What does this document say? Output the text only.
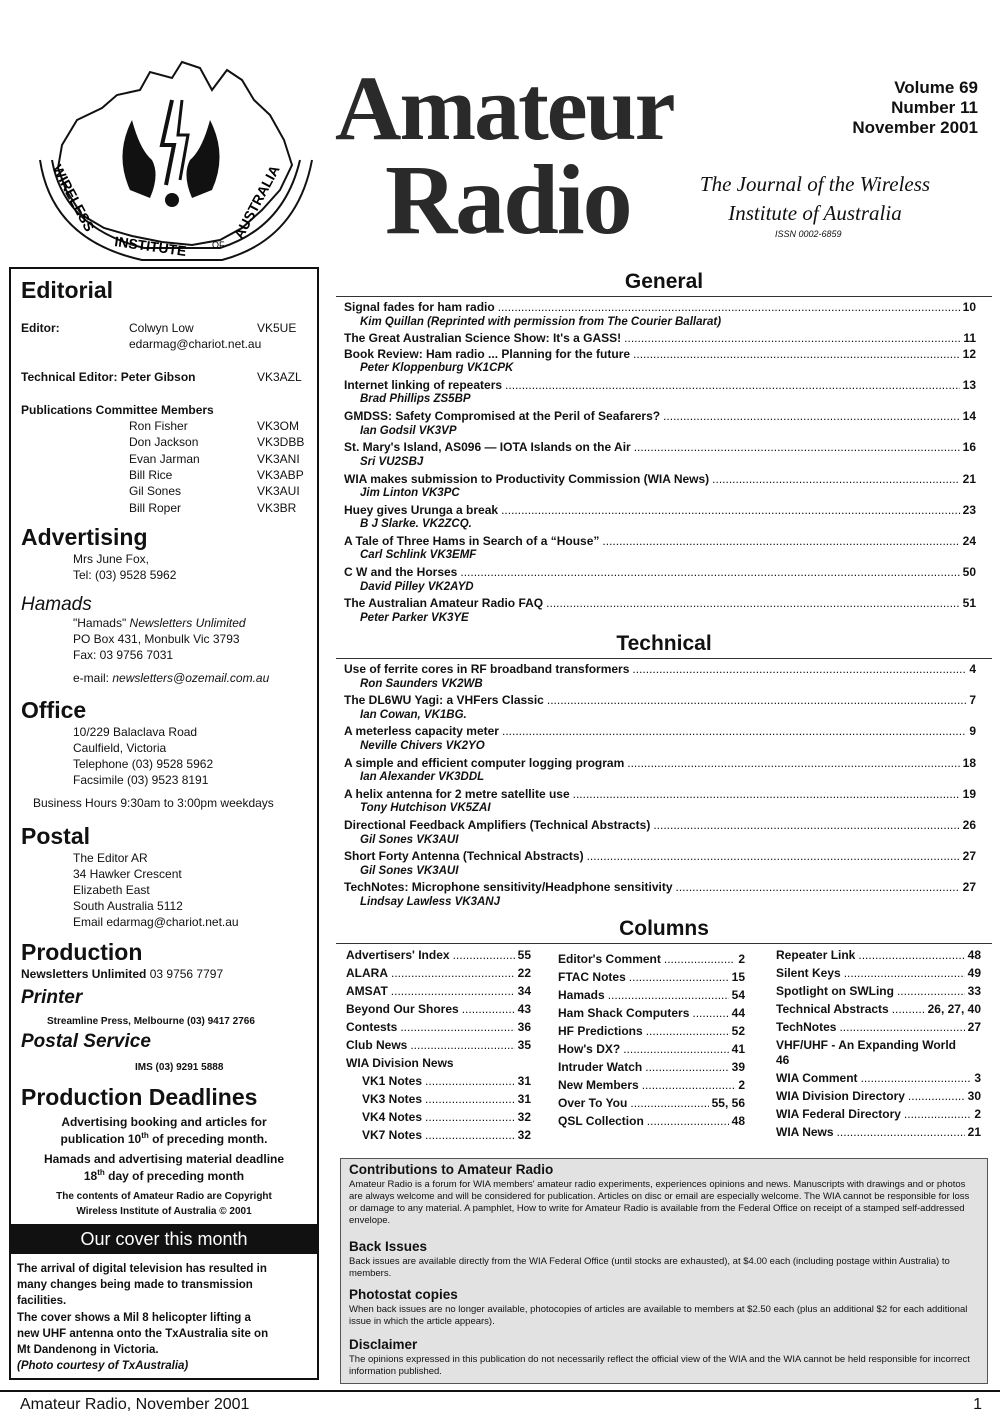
WIRELESS
INSTITUTE	OF
AUSTRALIA
Amateur
Radio
Volume 69
Number 11
November 2001
The Journal of the Wireless
Institute of Australia
ISSN 0002-6859
Editorial
Editor:	Colwyn Low	VK5UE
edarmag@chariot.net.au
Technical Editor: Peter Gibson	VK3AZL
Publications Committee Members
Ron Fisher	VK3OM
Don Jackson	VK3DBB
Evan Jarman	VK3ANI
Bill Rice	VK3ABP
Gil Sones	VK3AUI
Bill Roper	VK3BR
Advertising
Mrs June Fox,
Tel: (03) 9528 5962
Hamads
"Hamads" Newsletters Unlimited
PO Box 431, Monbulk Vic 3793
Fax: 03 9756 7031
e-mail: newsletters@ozemail.com.au
Office
10/229 Balaclava Road
Caulfield, Victoria
Telephone (03) 9528 5962
Facsimile (03) 9523 8191
Business Hours 9:30am to 3:00pm weekdays
Postal
The Editor AR
34 Hawker Crescent
Elizabeth East
South Australia 5112
Email edarmag@chariot.net.au
Production
Newsletters Unlimited 03 9756 7797
Printer
Streamline Press, Melbourne (03) 9417 2766
Postal Service
IMS (03) 9291 5888
Production Deadlines
Advertising booking and articles for
publication 10th of preceding month.
Hamads and advertising material deadline
18th day of preceding month
The contents of Amateur Radio are Copyright
Wireless Institute of Australia © 2001
Our cover this month
The arrival of digital television has resulted in
many changes being made to transmission
facilities.
The cover shows a Mil 8 helicopter lifting a
new UHF antenna onto the TxAustralia site on
Mt Dandenong in Victoria.
(Photo courtesy of TxAustralia)
General
Signal fades for ham radio .....	10
Kim Quillan (Reprinted with permission from The Courier Ballarat)
The Great Australian Science Show: It's a GASS! .....	11
Book Review: Ham radio ... Planning for the future .....	12
Peter Kloppenburg VK1CPK
Internet linking of repeaters .....	13
Brad Phillips ZS5BP
GMDSS: Safety Compromised at the Peril of Seafarers? .....	14
Ian Godsil VK3VP
St. Mary's Island, AS096 — IOTA Islands on the Air .....	16
Sri VU2SBJ
WIA makes submission to Productivity Commission (WIA News) .....	21
Jim Linton VK3PC
Huey gives Urunga a break .....	23
B J Slarke. VK2ZCQ.
A Tale of Three Hams in Search of a “House” .....	24
Carl Schlink VK3EMF
C W and the Horses .....	50
David Pilley VK2AYD
The Australian Amateur Radio FAQ .....	51
Peter Parker VK3YE
Technical
Use of ferrite cores in RF broadband transformers .....	4
Ron Saunders VK2WB
The DL6WU Yagi: a VHFers Classic .....	7
Ian Cowan, VK1BG.
A meterless capacity meter .....	9
Neville Chivers VK2YO
A simple and efficient computer logging program .....	18
Ian Alexander VK3DDL
A helix antenna for 2 metre satellite use .....	19
Tony Hutchison VK5ZAI
Directional Feedback Amplifiers (Technical Abstracts) .....	26
Gil Sones VK3AUI
Short Forty Antenna (Technical Abstracts) .....	27
Gil Sones VK3AUI
TechNotes: Microphone sensitivity/Headphone sensitivity .....	27
Lindsay Lawless VK3ANJ
Columns
Advertisers' Index .....	55
ALARA .....	22
AMSAT .....	34
Beyond Our Shores .....	43
Contests .....	36
Club News .....	35
WIA Division News
VK1 Notes .....	31
VK3 Notes .....	31
VK4 Notes .....	32
VK7 Notes .....	32
Editor's Comment .....	2
FTAC Notes .....	15
Hamads .....	54
Ham Shack Computers .....	44
HF Predictions .....	52
How's DX? .....	41
Intruder Watch .....	39
New Members .....	2
Over To You .....	55, 56
QSL Collection .....	48
Repeater Link .....	48
Silent Keys .....	49
Spotlight on SWLing .....	33
Technical Abstracts .....	26, 27, 40
TechNotes .....	27
VHF/UHF - An Expanding World
46
WIA Comment .....	3
WIA Division Directory .....	30
WIA Federal Directory .....	2
WIA News .....	21
Contributions to Amateur Radio
Amateur Radio is a forum for WIA members' amateur radio experiments, experiences opinions and news. Manuscripts with drawings and or photos are always welcome and will be considered for publication. Articles on disc or email are especially welcome. The WIA cannot be responsible for loss or damage to any material. A pamphlet, How to write for Amateur Radio is available from the Federal Office on receipt of a stamped self-addressed envelope.
Back Issues
Back issues are available directly from the WIA Federal Office (until stocks are exhausted), at $4.00 each (including postage within Australia) to members.
Photostat copies
When back issues are no longer available, photocopies of articles are available to members at $2.50 each (plus an additional $2 for each additional issue in which the article appears).
Disclaimer
The opinions expressed in this publication do not necessarily reflect the official view of the WIA and the WIA cannot be held responsible for incorrect information published.
Amateur Radio, November 2001	1
